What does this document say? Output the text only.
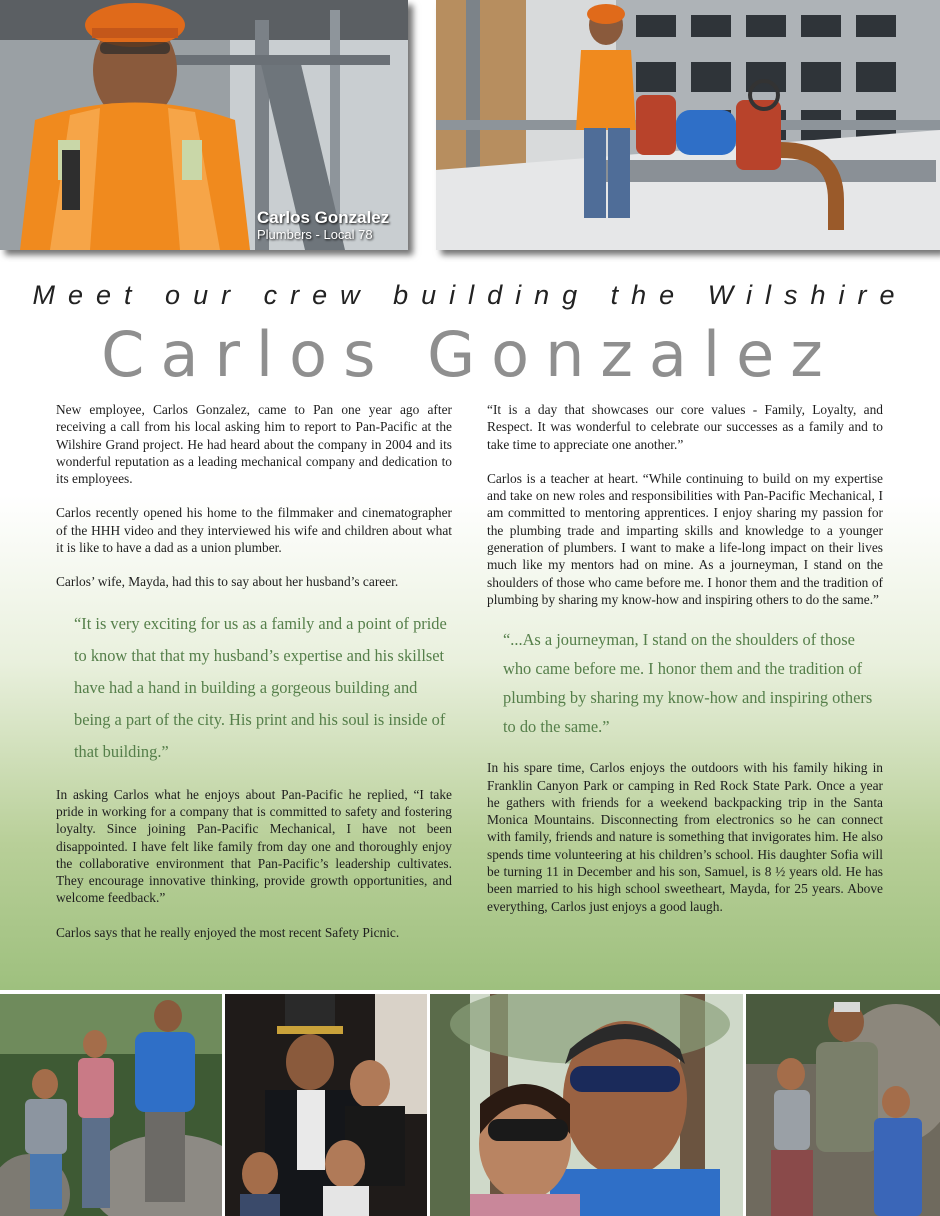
Carlos Gonzalez
Plumbers - Local 78
Meet our crew building the Wilshire
Carlos Gonzalez

New employee, Carlos Gonzalez, came to Pan one year ago after receiving a call from his local asking him to report to Pan-Pacific at the Wilshire Grand project. He had heard about the company in 2004 and its wonderful reputation as a leading mechanical company and dedication to its employees.

Carlos recently opened his home to the filmmaker and cinematographer of the HHH video and they interviewed his wife and children about what it is like to have a dad as a union plumber.

Carlos’ wife, Mayda, had this to say about her husband’s career.

“It is very exciting for us as a family and a point of pride to know that that my husband’s expertise and his skillset have had a hand in building a gorgeous building and being a part of the city. His print and his soul is inside of that building.”

In asking Carlos what he enjoys about Pan-Pacific he replied, “I take pride in working for a company that is committed to safety and fostering loyalty. Since joining Pan-Pacific Mechanical, I have not been disappointed. I have felt like family from day one and thoroughly enjoy the collaborative environment that Pan-Pacific’s leadership cultivates. They encourage innovative thinking, provide growth opportunities, and welcome feedback.”

Carlos says that he really enjoyed the most recent Safety Picnic.

“It is a day that showcases our core values - Family, Loyalty, and Respect. It was wonderful to celebrate our successes as a family and to take time to appreciate one another.”

Carlos is a teacher at heart. “While continuing to build on my expertise and take on new roles and responsibilities with Pan-Pacific Mechanical, I am committed to mentoring apprentices. I enjoy sharing my passion for the plumbing trade and imparting skills and knowledge to a younger generation of plumbers. I want to make a life-long impact on their lives much like my mentors had on mine. As a journeyman, I stand on the shoulders of those who came before me. I honor them and the tradition of plumbing by sharing my know-how and inspiring others to do the same.”

“...As a journeyman, I stand on the shoulders of those who came before me. I honor them and the tradition of plumbing by sharing my know-how and inspiring others to do the same.”

In his spare time, Carlos enjoys the outdoors with his family hiking in Franklin Canyon Park or camping in Red Rock State Park. Once a year he gathers with friends for a weekend backpacking trip in the Santa Monica Mountains. Disconnecting from electronics so he can connect with family, friends and nature is something that invigorates him. He also spends time volunteering at his children’s school. His daughter Sofia will be turning 11 in December and his son, Samuel, is 8 ½ years old. He has been married to his high school sweetheart, Mayda, for 25 years. Above everything, Carlos just enjoys a good laugh.
